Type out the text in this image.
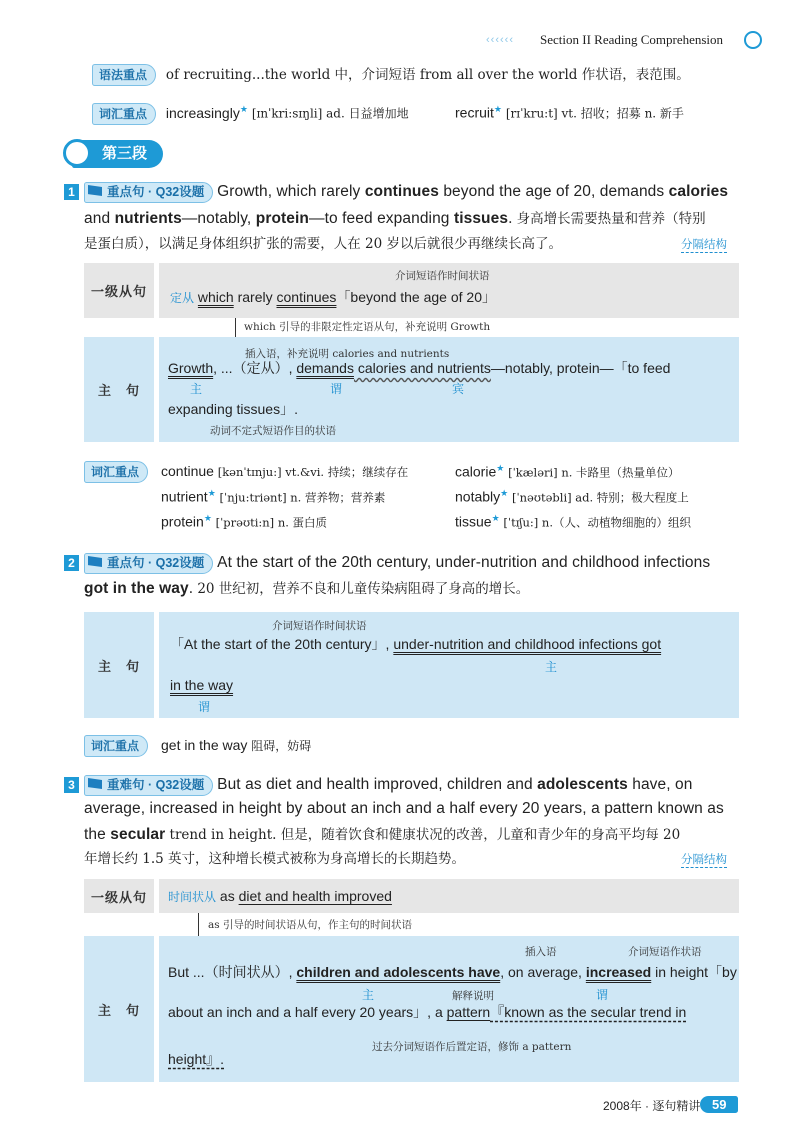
‹‹‹‹‹‹ Section II Reading Comprehension
语法重点 of recruiting...the world 中，介词短语 from all over the world 作状语，表范围。
词汇重点 increasingly★ [ɪnˈkri:sɪŋli] ad. 日益增加地	recruit★ [rɪˈkru:t] vt. 招收；招募 n. 新手
第三段
1	重点句 · Q32设题 Growth, which rarely continues beyond the age of 20, demands calories
and nutrients—notably, protein—to feed expanding tissues. 身高增长需要热量和营养（特别
是蛋白质），以满足身体组织扩张的需要，人在 20 岁以后就很少再继续长高了。	分隔结构
一级从句
介词短语作时间状语
定从 which rarely continues「beyond the age of 20」
which 引导的非限定性定语从句，补充说明 Growth
主　句
插入语，补充说明 calories and nutrients
Growth, ...（定从）, demands calories and nutrients—notably, protein—「to feed
主	谓	宾
expanding tissues」.
动词不定式短语作目的状语
词汇重点	continue [kənˈtɪnju:] vt.&vi. 持续；继续存在	calorie★ [ˈkæləri] n. 卡路里（热量单位）
nutrient★ [ˈnju:triənt] n. 营养物；营养素	notably★ [ˈnəʊtəbli] ad. 特别；极大程度上
protein★ [ˈprəʊti:n] n. 蛋白质	tissue★ [ˈtɪʃu:] n.（人、动植物细胞的）组织
2	重点句 · Q32设题 At the start of the 20th century, under-nutrition and childhood infections
got in the way. 20 世纪初，营养不良和儿童传染病阻碍了身高的增长。
主　句
介词短语作时间状语
「At the start of the 20th century」, under-nutrition and childhood infections got
主
in the way
谓
词汇重点	get in the way 阻碍，妨碍
3	重难句 · Q32设题 But as diet and health improved, children and adolescents have, on
average, increased in height by about an inch and a half every 20 years, a pattern known as
the secular trend in height. 但是，随着饮食和健康状况的改善，儿童和青少年的身高平均每 20
年增长约 1.5 英寸，这种增长模式被称为身高增长的长期趋势。	分隔结构
一级从句	时间状从 as diet and health improved
as 引导的时间状语从句，作主句的时间状语
主　句
插入语	介词短语作状语
But ...（时间状从）, children and adolescents have, on average, increased in height「by
主	解释说明	谓
about an inch and a half every 20 years」, a pattern『known as the secular trend in
过去分词短语作后置定语，修饰 a pattern
height』.
2008年 · 逐句精讲 59
